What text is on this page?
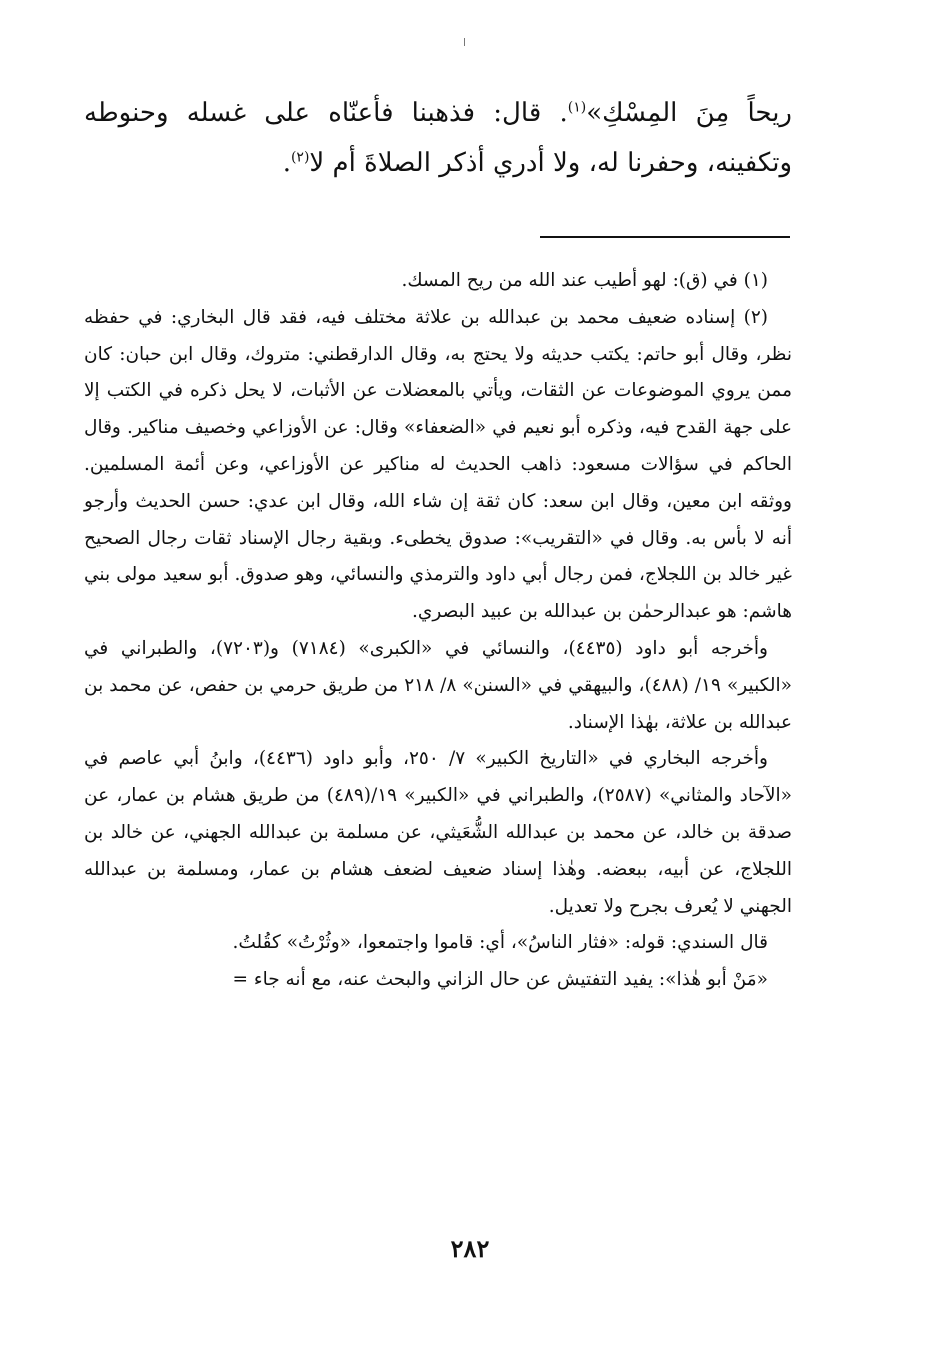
ريحاً مِنَ المِسْكِ»$^{(١)}$. قال: فذهبنا فأعنّاه على غسله وحنوطه وتكفينه، وحفرنا له، ولا أدري أذكر الصلاةَ أم لا$^{(٢)}$.

(١) في (ق): لهو أطيب عند الله من ريح المسك.

(٢) إسناده ضعيف محمد بن عبدالله بن علاثة مختلف فيه، فقد قال البخاري: في حفظه نظر، وقال أبو حاتم: يكتب حديثه ولا يحتج به، وقال الدارقطني: متروك، وقال ابن حبان: كان ممن يروي الموضوعات عن الثقات، ويأتي بالمعضلات عن الأثبات، لا يحل ذكره في الكتب إلا على جهة القدح فيه، وذكره أبو نعيم في «الضعفاء» وقال: عن الأوزاعي وخصيف مناكير. وقال الحاكم في سؤالات مسعود: ذاهب الحديث له مناكير عن الأوزاعي، وعن أئمة المسلمين. ووثقه ابن معين، وقال ابن سعد: كان ثقة إن شاء الله، وقال ابن عدي: حسن الحديث وأرجو أنه لا بأس به. وقال في «التقريب»: صدوق يخطىء. وبقية رجال الإسناد ثقات رجال الصحيح غير خالد بن اللجلاج، فمن رجال أبي داود والترمذي والنسائي، وهو صدوق. أبو سعيد مولى بني هاشم: هو عبدالرحمٰن بن عبدالله بن عبيد البصري.

وأخرجه أبو داود (٤٤٣٥)، والنسائي في «الكبرى» (٧١٨٤) و(٧٢٠٣)، والطبراني في «الكبير» ١٩/ (٤٨٨)، والبيهقي في «السنن» ٨/ ٢١٨ من طريق حرمي بن حفص، عن محمد بن عبدالله بن علاثة، بهٰذا الإسناد.

وأخرجه البخاري في «التاريخ الكبير» ٧/ ٢٥٠، وأبو داود (٤٤٣٦)، وابنُ أبي عاصم في «الآحاد والمثاني» (٢٥٨٧)، والطبراني في «الكبير» ١٩/(٤٨٩) من طريق هشام بن عمار، عن صدقة بن خالد، عن محمد بن عبدالله الشُّعَيثي، عن مسلمة بن عبدالله الجهني، عن خالد بن اللجلاج، عن أبيه، ببعضه. وهٰذا إسناد ضعيف لضعف هشام بن عمار، ومسلمة بن عبدالله الجهني لا يُعرف بجرح ولا تعديل.

قال السندي: قوله: «فثار الناسُ»، أي: قاموا واجتمعوا، «وثُرْتُ» كقُلتُ.

«مَنْ أبو هٰذا»: يفيد التفتيش عن حال الزاني والبحث عنه، مع أنه جاء =

٢٨٢
